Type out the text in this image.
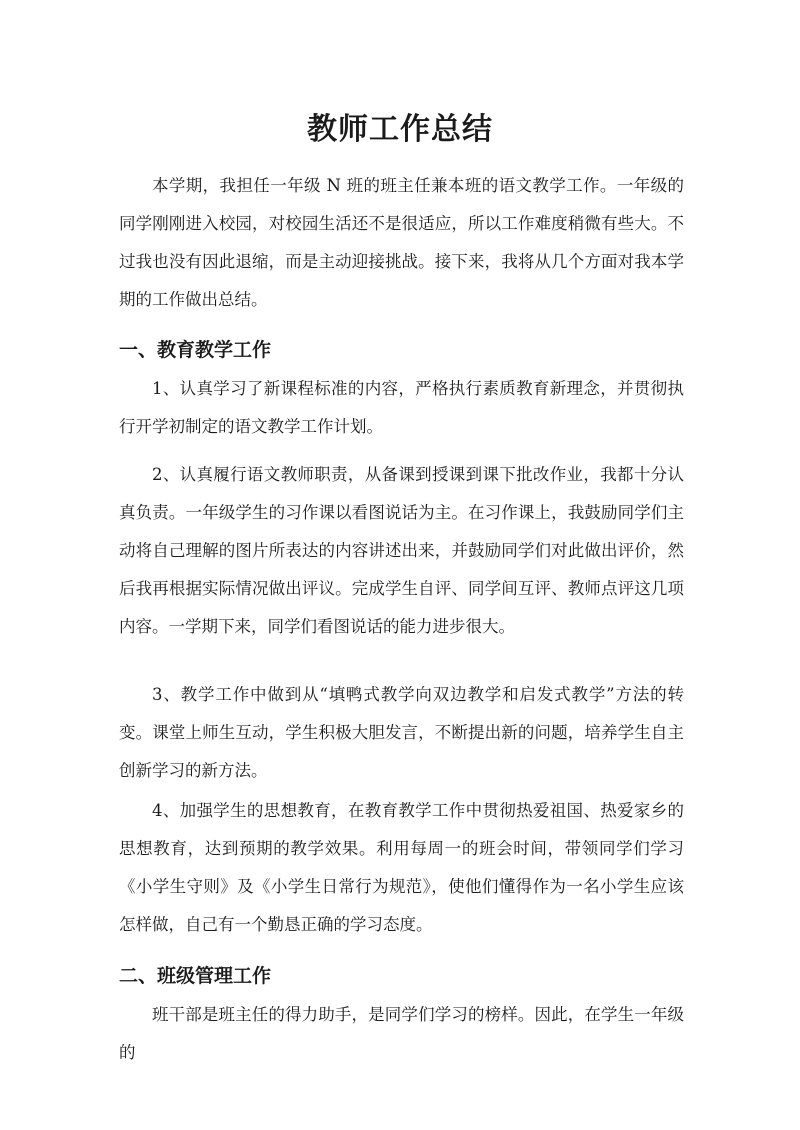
教师工作总结
本学期，我担任一年级 N 班的班主任兼本班的语文教学工作。一年级的同学刚刚进入校园，对校园生活还不是很适应，所以工作难度稍微有些大。不过我也没有因此退缩，而是主动迎接挑战。接下来，我将从几个方面对我本学期的工作做出总结。
一、教育教学工作
1、认真学习了新课程标准的内容，严格执行素质教育新理念，并贯彻执行开学初制定的语文教学工作计划。
2、认真履行语文教师职责，从备课到授课到课下批改作业，我都十分认真负责。一年级学生的习作课以看图说话为主。在习作课上，我鼓励同学们主动将自己理解的图片所表达的内容讲述出来，并鼓励同学们对此做出评价，然后我再根据实际情况做出评议。完成学生自评、同学间互评、教师点评这几项内容。一学期下来，同学们看图说话的能力进步很大。
3、教学工作中做到从“填鸭式教学向双边教学和启发式教学”方法的转变。课堂上师生互动，学生积极大胆发言，不断提出新的问题，培养学生自主创新学习的新方法。
4、加强学生的思想教育，在教育教学工作中贯彻热爱祖国、热爱家乡的思想教育，达到预期的教学效果。利用每周一的班会时间，带领同学们学习《小学生守则》及《小学生日常行为规范》，使他们懂得作为一名小学生应该怎样做，自己有一个勤恳正确的学习态度。
二、班级管理工作
班干部是班主任的得力助手，是同学们学习的榜样。因此，在学生一年级的
